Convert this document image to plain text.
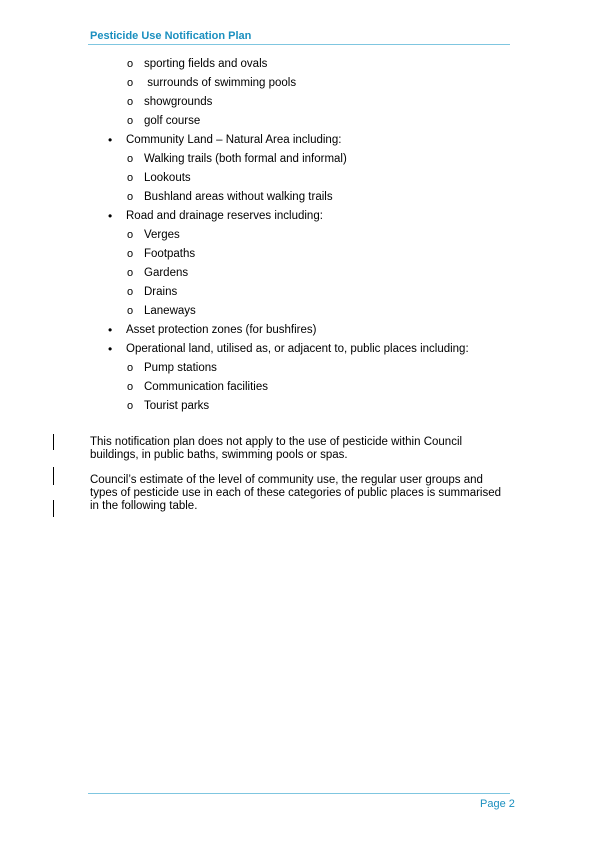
Pesticide Use Notification Plan
o sporting fields and ovals
o surrounds of swimming pools
o showgrounds
o golf course
• Community Land – Natural Area including:
o Walking trails (both formal and informal)
o Lookouts
o Bushland areas without walking trails
• Road and drainage reserves including:
o Verges
o Footpaths
o Gardens
o Drains
o Laneways
• Asset protection zones (for bushfires)
• Operational land, utilised as, or adjacent to, public places including:
o Pump stations
o Communication facilities
o Tourist parks

This notification plan does not apply to the use of pesticide within Council buildings, in public baths, swimming pools or spas.

Council’s estimate of the level of community use, the regular user groups and types of pesticide use in each of these categories of public places is summarised in the following table.

Page 2
